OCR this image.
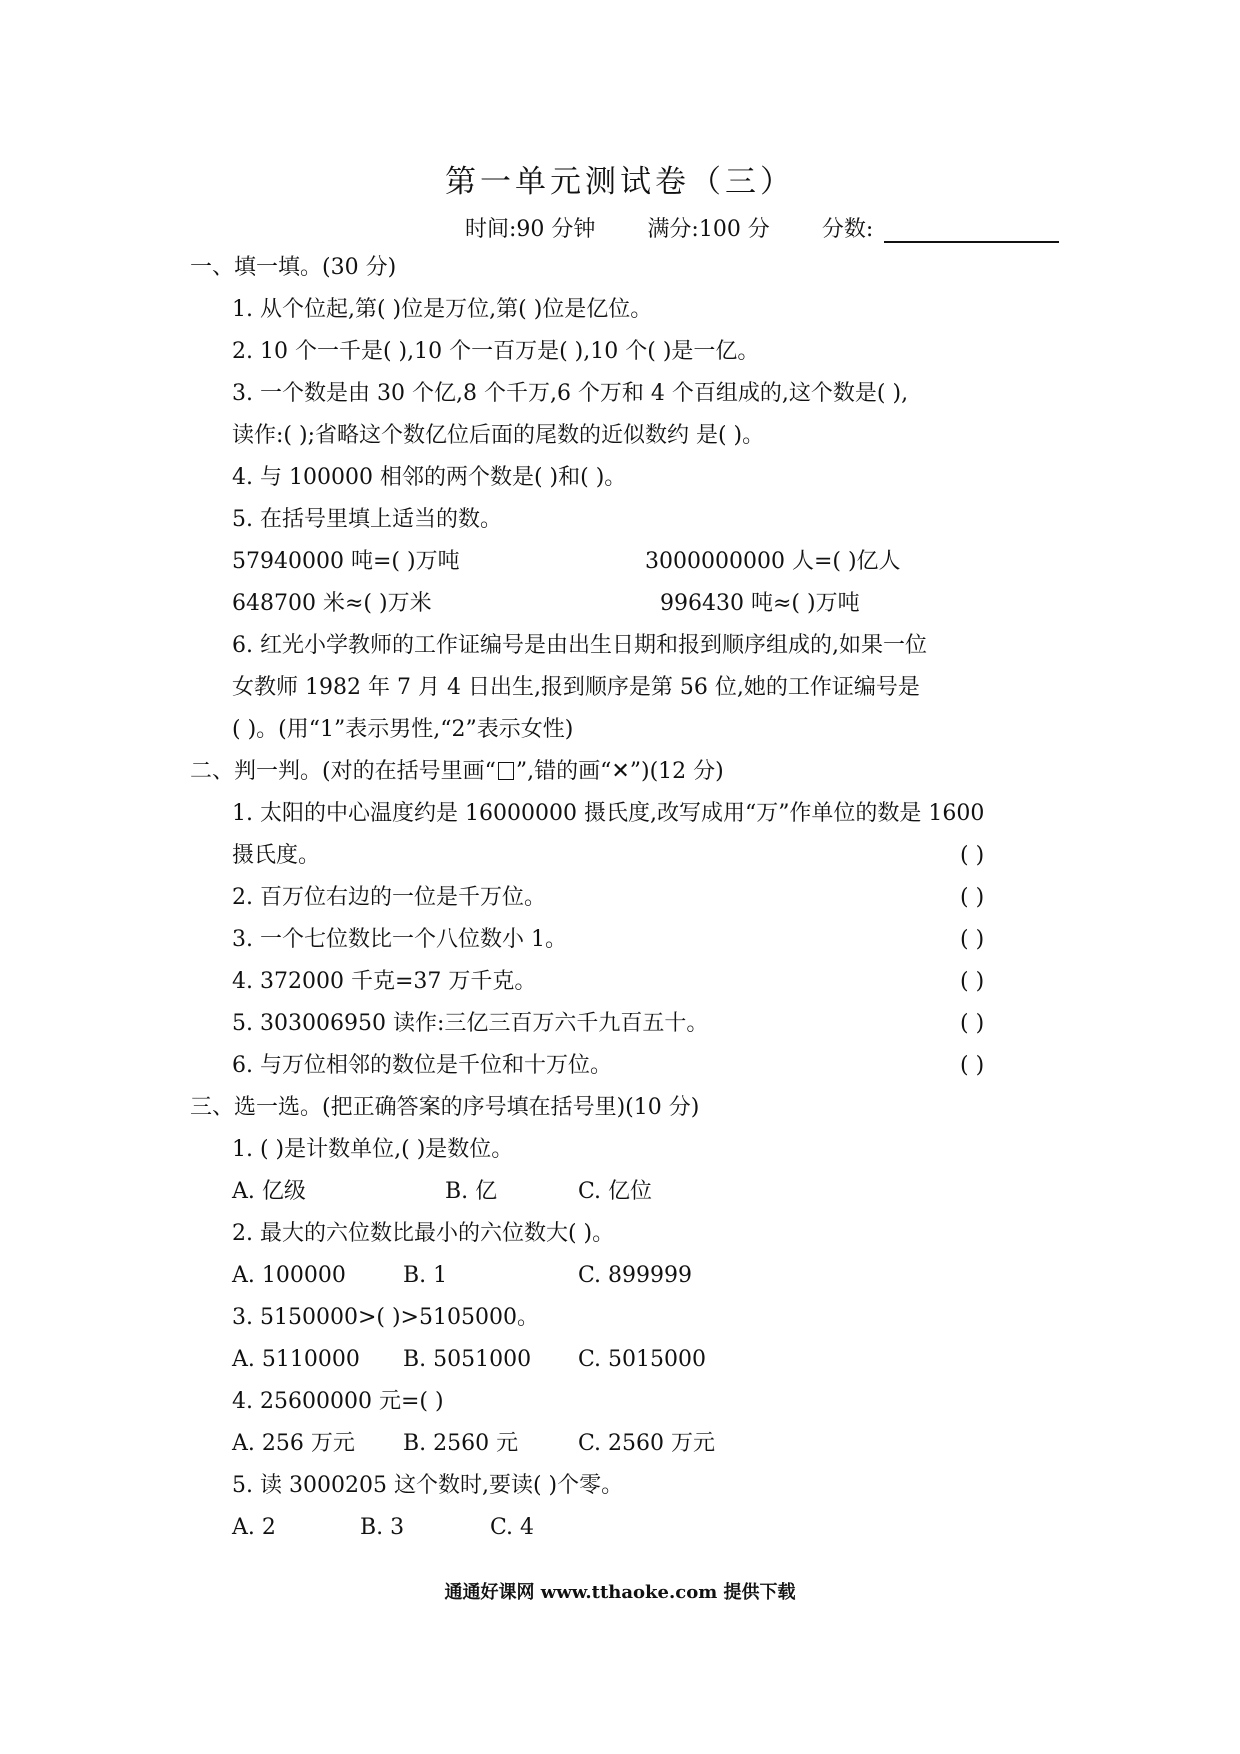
第一单元测试卷（三）
时间:90 分钟 满分:100 分 分数:
一、填一填。(30 分)
1. 从个位起,第( )位是万位,第( )位是亿位。
2. 10 个一千是( ),10 个一百万是( ),10 个( )是一亿。
3. 一个数是由 30 个亿,8 个千万,6 个万和 4 个百组成的,这个数是( ),
读作:( );省略这个数亿位后面的尾数的近似数约 是( )。
4. 与 100000 相邻的两个数是( )和( )。
5. 在括号里填上适当的数。
57940000 吨=( )万吨	3000000000 人=( )亿人
648700 米≈( )万米	996430 吨≈( )万吨
6. 红光小学教师的工作证编号是由出生日期和报到顺序组成的,如果一位
女教师 1982 年 7 月 4 日出生,报到顺序是第 56 位,她的工作证编号是
( )。(用“1”表示男性,“2”表示女性)
二、判一判。(对的在括号里画“ ”,错的画“✕”)(12 分)
1. 太阳的中心温度约是 16000000 摄氏度,改写成用“万”作单位的数是 1600
摄氏度。	( )
2. 百万位右边的一位是千万位。	( )
3. 一个七位数比一个八位数小 1。	( )
4. 372000 千克=37 万千克。	( )
5. 303006950 读作:三亿三百万六千九百五十。	( )
6. 与万位相邻的数位是千位和十万位。	( )
三、选一选。(把正确答案的序号填在括号里)(10 分)
1. ( )是计数单位,( )是数位。
A. 亿级	B. 亿	C. 亿位
2. 最大的六位数比最小的六位数大( )。
A. 100000	B. 1	C. 899999
3. 5150000>( )>5105000。
A. 5110000 B. 5051000 C. 5015000
4. 25600000 元=( )
A. 256 万元 B. 2560 元	C. 2560 万元
5. 读 3000205 这个数时,要读( )个零。
A. 2	B. 3	C. 4
通通好课网 www.tthaoke.com 提供下载
